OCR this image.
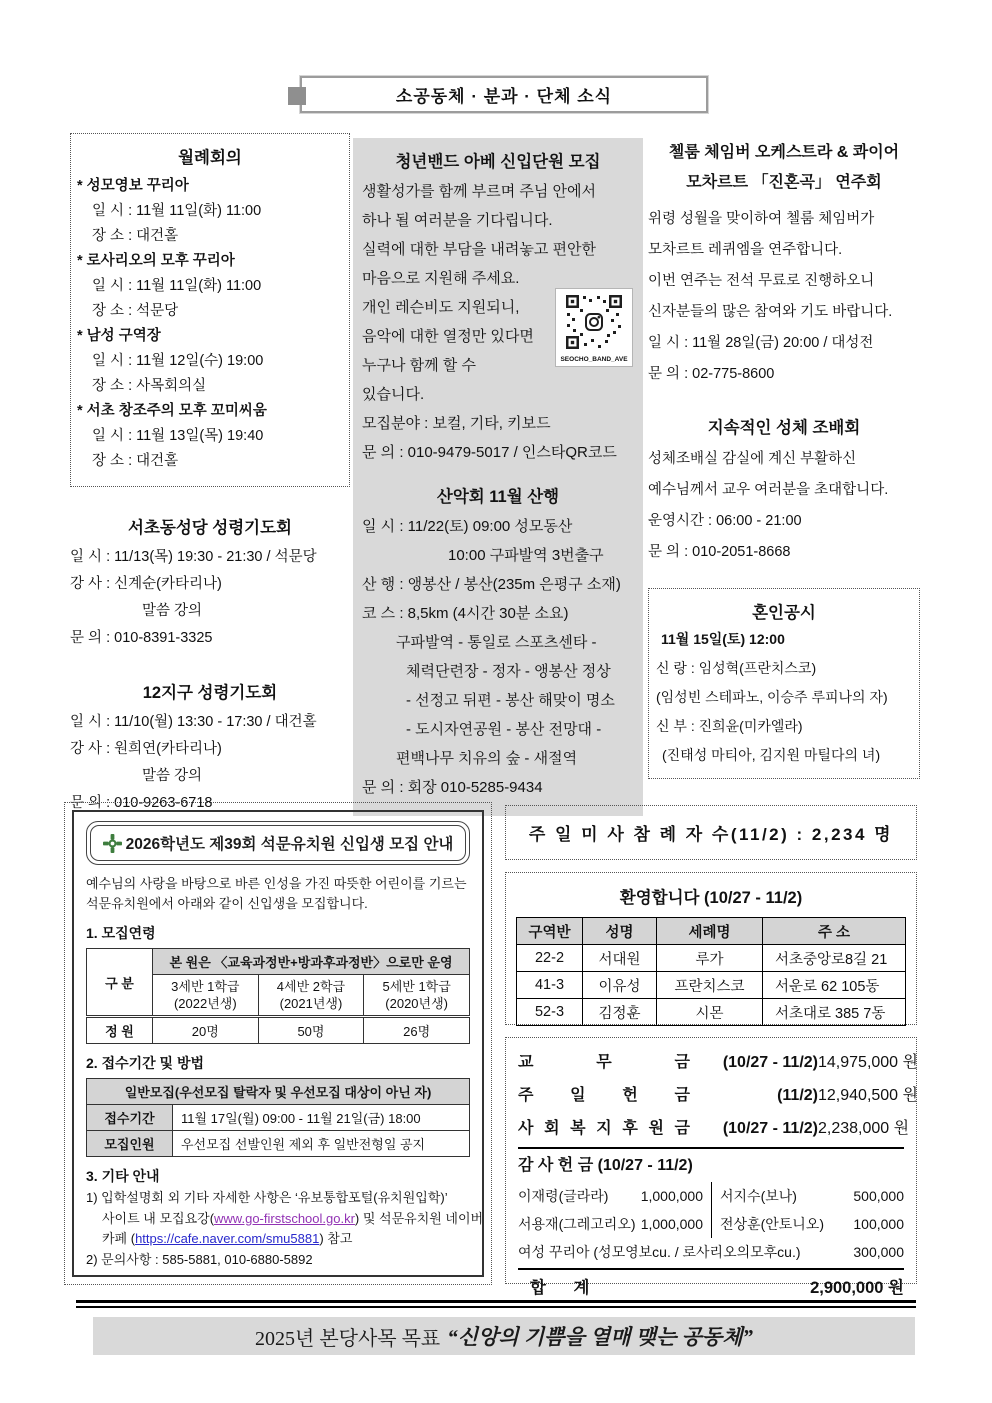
소공동체 · 분과 · 단체 소식
월례회의
* 성모영보 꾸리아
일 시 : 11월 11일(화) 11:00
장 소 : 대건홀
* 로사리오의 모후 꾸리아
일 시 : 11월 11일(화) 11:00
장 소 : 석문당
* 남성 구역장
일 시 : 11월 12일(수) 19:00
장 소 : 사목회의실
* 서초 창조주의 모후 꼬미씨움
일 시 : 11월 13일(목) 19:40
장 소 : 대건홀
서초동성당 성령기도회
일 시 : 11/13(목) 19:30 - 21:30 / 석문당
강 사 : 신계순(카타리나)
말씀 강의
문 의 : 010-8391-3325
12지구 성령기도회
일 시 : 11/10(월) 13:30 - 17:30 / 대건홀
강 사 : 원희연(카타리나)
말씀 강의
문 의 : 010-9263-6718
청년밴드 아베 신입단원 모집
생활성가를 함께 부르며 주님 안에서
하나 될 여러분을 기다립니다.
실력에 대한 부담을 내려놓고 편안한
마음으로 지원해 주세요.
개인 레슨비도 지원되니,
음악에 대한 열정만 있다면
누구나 함께 할 수
있습니다.
모집분야 : 보컬, 기타, 키보드
문 의 : 010-9479-5017 / 인스타QR코드
SEOCHO_BAND_AVE
산악회 11월 산행
일 시 : 11/22(토) 09:00 성모동산
10:00 구파발역 3번출구
산 행 : 앵봉산 / 봉산(235m 은평구 소재)
코 스 : 8,5km (4시간 30분 소요)
구파발역 - 통일로 스포츠센타 -
체력단련장 - 정자 - 앵봉산 정상
- 선정고 뒤편 - 봉산 해맞이 명소
- 도시자연공원 - 봉산 전망대 -
편백나무 치유의 숲 - 새절역
문 의 : 회장 010-5285-9434
첼룸 체임버 오케스트라 & 콰이어
모차르트 「진혼곡」 연주회
위령 성월을 맞이하여 첼룸 체임버가
모차르트 레퀴엠을 연주합니다.
이번 연주는 전석 무료로 진행하오니
신자분들의 많은 참여와 기도 바랍니다.
일 시 : 11월 28일(금) 20:00 / 대성전
문 의 : 02-775-8600
지속적인 성체 조배회
성체조배실 감실에 계신 부활하신
예수님께서 교우 여러분을 초대합니다.
운영시간 : 06:00 - 21:00
문 의 : 010-2051-8668
혼인공시
11월 15일(토) 12:00
신 랑 : 임성혁(프란치스코)
(임성빈 스테파노, 이승주 루피나의 자)
신 부 : 진희윤(미카엘라)
(진태성 마티아, 김지원 마틸다의 녀)
2026학년도 제39회 석문유치원 신입생 모집 안내
예수님의 사랑을 바탕으로 바른 인성을 가진 따뜻한 어린이를 기르는
석문유치원에서 아래와 같이 신입생을 모집합니다.
1. 모집연령
구 분	본 원은 〈교육과정반+방과후과정반〉으로만 운영		

3세반 1학급
(2022년생)

4세반 2학급
(2021년생)

5세반 1학급
(2020년생)

정 원	20명	50명	26명
2. 접수기간 및 방법
일반모집(우선모집 탈락자 및 우선모집 대상이 아닌 자)	
접수기간	11월 17일(월) 09:00 - 11월 21일(금) 18:00
모집인원	우선모집 선발인원 제외 후 일반전형일 공지
3. 기타 안내
1) 입학설명회 외 기타 자세한 사항은 ‘유보통합포털(유치원입학)’
사이트 내 모집요강(www.go-firstschool.go.kr) 및 석문유치원 네이버
카페 (https://cafe.naver.com/smu5881) 참고
2) 문의사항 : 585-5881, 010-6880-5892
주 일 미 사 참 례 자 수(11/2) : 2,234 명
환영합니다 (10/27 - 11/2)
구역반	성명	세례명	주 소
22-2	서대원	루가	서초중앙로8길 21
41-3	이유성	프란치스코	서운로 62 105동
52-3	김정훈	시몬	서초대로 385 7동
교 무 금	(10/27 - 11/2) 14,975,000 원
주 일 헌 금	(11/2) 12,940,500 원
사 회 복 지 후 원 금	(10/27 - 11/2) 2,238,000 원
감 사 헌 금 (10/27 - 11/2)
이재령(글라라) 1,000,000 서지수(보나)	500,000
서용재(그레고리오) 1,000,000 전상훈(안토니오) 100,000
여성 꾸리아 (성모영보cu. / 로사리오의모후cu.)	300,000
합      계	2,900,000 원
2025년 본당사목 목표 “신앙의 기쁨을 열매 맺는 공동체”
